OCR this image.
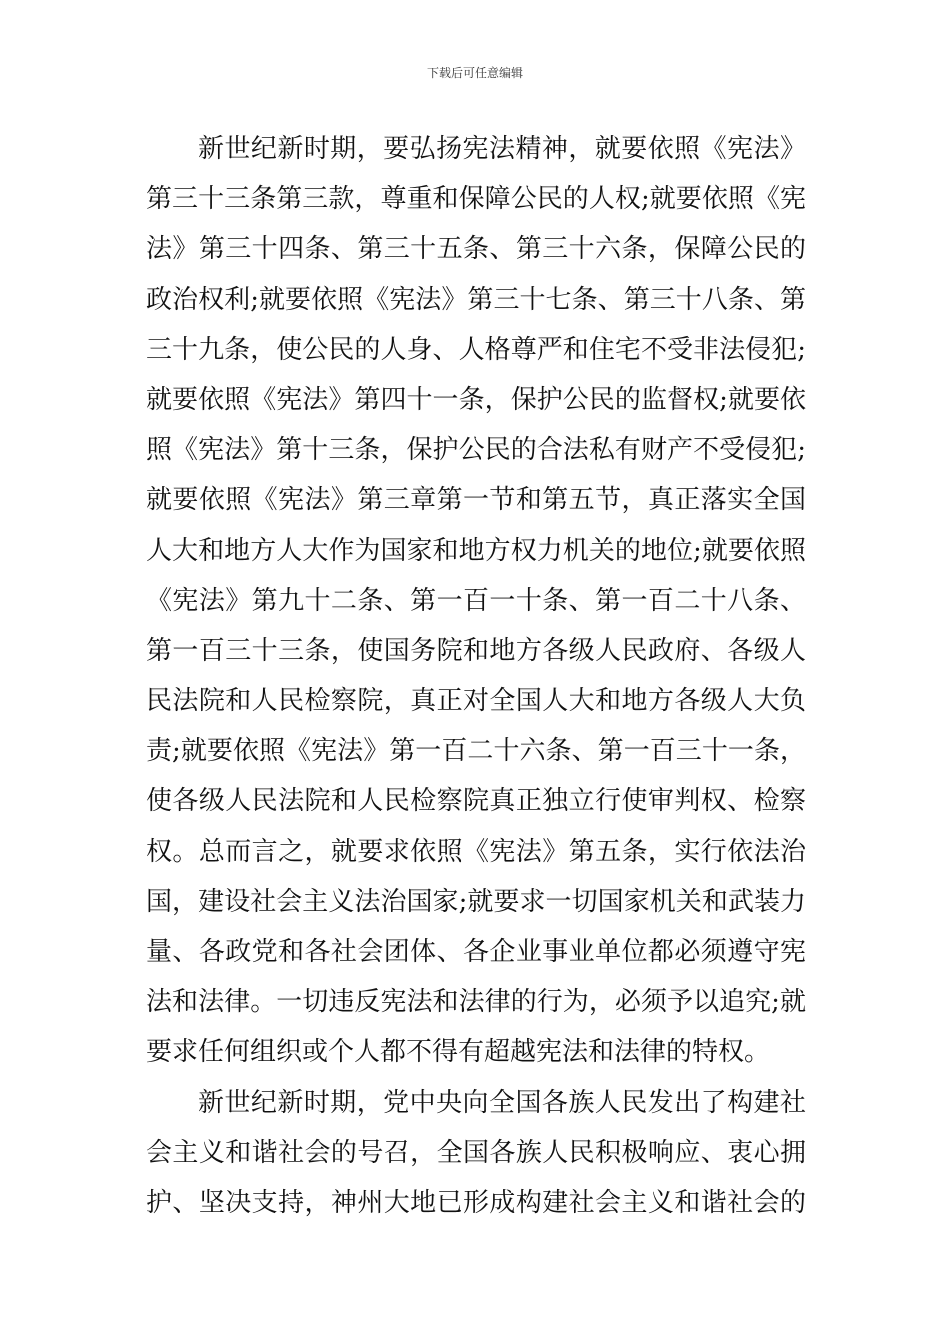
下载后可任意编辑
新世纪新时期，要弘扬宪法精神，就要依照《宪法》
第三十三条第三款，尊重和保障公民的人权;就要依照《宪
法》第三十四条、第三十五条、第三十六条，保障公民的
政治权利;就要依照《宪法》第三十七条、第三十八条、第
三十九条，使公民的人身、人格尊严和住宅不受非法侵犯;
就要依照《宪法》第四十一条，保护公民的监督权;就要依
照《宪法》第十三条，保护公民的合法私有财产不受侵犯;
就要依照《宪法》第三章第一节和第五节，真正落实全国
人大和地方人大作为国家和地方权力机关的地位;就要依照
《宪法》第九十二条、第一百一十条、第一百二十八条、
第一百三十三条，使国务院和地方各级人民政府、各级人
民法院和人民检察院，真正对全国人大和地方各级人大负
责;就要依照《宪法》第一百二十六条、第一百三十一条，
使各级人民法院和人民检察院真正独立行使审判权、检察
权。总而言之，就要求依照《宪法》第五条，实行依法治
国，建设社会主义法治国家;就要求一切国家机关和武装力
量、各政党和各社会团体、各企业事业单位都必须遵守宪
法和法律。一切违反宪法和法律的行为，必须予以追究;就
要求任何组织或个人都不得有超越宪法和法律的特权。
新世纪新时期，党中央向全国各族人民发出了构建社
会主义和谐社会的号召，全国各族人民积极响应、衷心拥
护、坚决支持，神州大地已形成构建社会主义和谐社会的
